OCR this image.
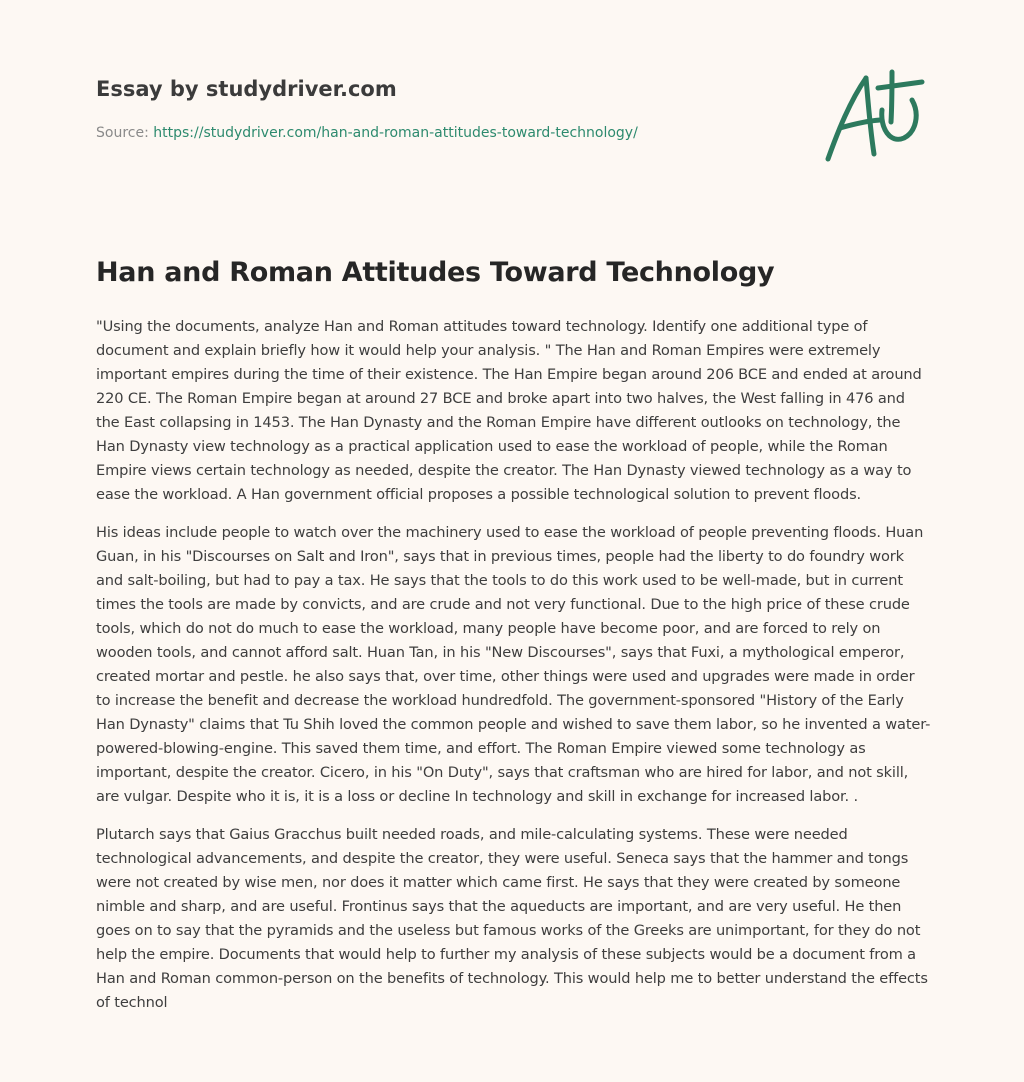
Essay by studydriver.com
Source: https://studydriver.com/han-and-roman-attitudes-toward-technology/
Han and Roman Attitudes Toward Technology

"Using the documents, analyze Han and Roman attitudes toward technology. Identify one additional type of document and explain briefly how it would help your analysis. " The Han and Roman Empires were extremely important empires during the time of their existence. The Han Empire began around 206 BCE and ended at around 220 CE. The Roman Empire began at around 27 BCE and broke apart into two halves, the West falling in 476 and the East collapsing in 1453. The Han Dynasty and the Roman Empire have different outlooks on technology, the Han Dynasty view technology as a practical application used to ease the workload of people, while the Roman Empire views certain technology as needed, despite the creator. The Han Dynasty viewed technology as a way to ease the workload. A Han government official proposes a possible technological solution to prevent floods.

His ideas include people to watch over the machinery used to ease the workload of people preventing floods. Huan Guan, in his "Discourses on Salt and Iron", says that in previous times, people had the liberty to do foundry work and salt-boiling, but had to pay a tax. He says that the tools to do this work used to be well-made, but in current times the tools are made by convicts, and are crude and not very functional. Due to the high price of these crude tools, which do not do much to ease the workload, many people have become poor, and are forced to rely on wooden tools, and cannot afford salt. Huan Tan, in his "New Discourses", says that Fuxi, a mythological emperor, created mortar and pestle. he also says that, over time, other things were used and upgrades were made in order to increase the benefit and decrease the workload hundredfold. The government-sponsored "History of the Early Han Dynasty" claims that Tu Shih loved the common people and wished to save them labor, so he invented a water-powered-blowing-engine. This saved them time, and effort. The Roman Empire viewed some technology as important, despite the creator. Cicero, in his "On Duty", says that craftsman who are hired for labor, and not skill, are vulgar. Despite who it is, it is a loss or decline In technology and skill in exchange for increased labor. .

Plutarch says that Gaius Gracchus built needed roads, and mile-calculating systems. These were needed technological advancements, and despite the creator, they were useful. Seneca says that the hammer and tongs were not created by wise men, nor does it matter which came first. He says that they were created by someone nimble and sharp, and are useful. Frontinus says that the aqueducts are important, and are very useful. He then goes on to say that the pyramids and the useless but famous works of the Greeks are unimportant, for they do not help the empire. Documents that would help to further my analysis of these subjects would be a document from a Han and Roman common-person on the benefits of technology. This would help me to better understand the effects of technol
